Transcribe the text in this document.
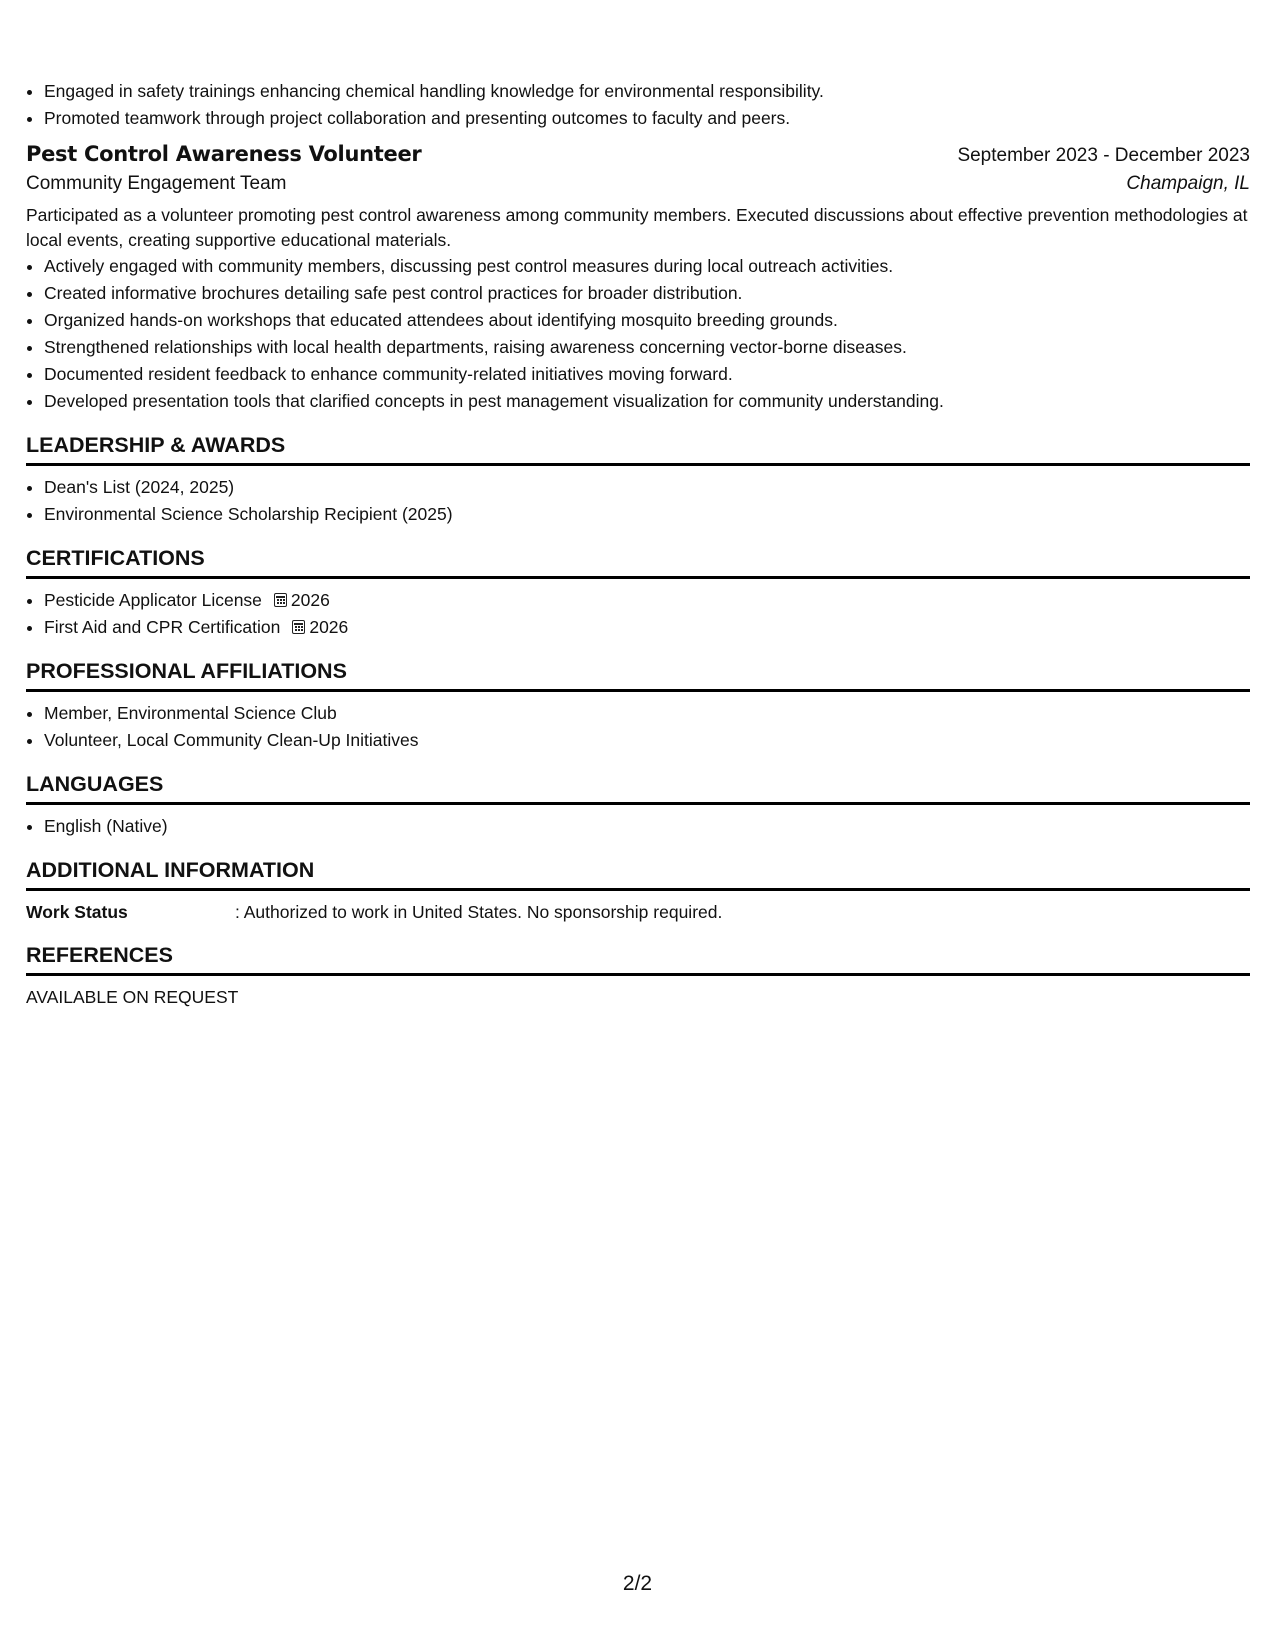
• Engaged in safety trainings enhancing chemical handling knowledge for environmental responsibility.
• Promoted teamwork through project collaboration and presenting outcomes to faculty and peers.
Pest Control Awareness Volunteer	September 2023 - December 2023
Community Engagement Team	Champaign, IL
Participated as a volunteer promoting pest control awareness among community members. Executed discussions about effective prevention methodologies at local events, creating supportive educational materials.
• Actively engaged with community members, discussing pest control measures during local outreach activities.
• Created informative brochures detailing safe pest control practices for broader distribution.
• Organized hands-on workshops that educated attendees about identifying mosquito breeding grounds.
• Strengthened relationships with local health departments, raising awareness concerning vector-borne diseases.
• Documented resident feedback to enhance community-related initiatives moving forward.
• Developed presentation tools that clarified concepts in pest management visualization for community understanding.
LEADERSHIP & AWARDS
• Dean's List (2024, 2025)
• Environmental Science Scholarship Recipient (2025)
CERTIFICATIONS
• Pesticide Applicator License 2026
• First Aid and CPR Certification 2026
PROFESSIONAL AFFILIATIONS
• Member, Environmental Science Club
• Volunteer, Local Community Clean-Up Initiatives
LANGUAGES
• English (Native)
ADDITIONAL INFORMATION
Work Status	: Authorized to work in United States. No sponsorship required.
REFERENCES
AVAILABLE ON REQUEST
2/2
